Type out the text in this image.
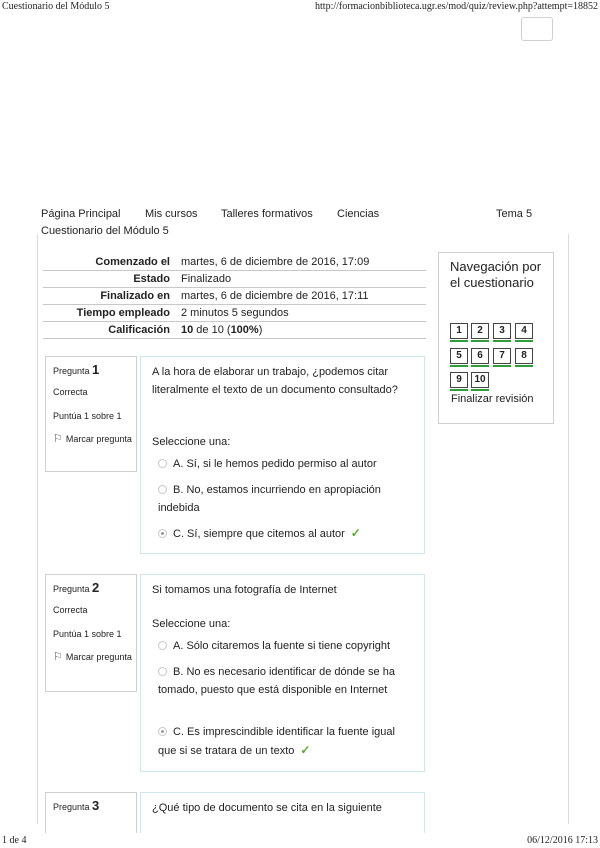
Cuestionario del Módulo 5	http://formacionbiblioteca.ugr.es/mod/quiz/review.php?attempt=18852
Página Principal Mis cursos Talleres formativos Ciencias	Tema 5
Cuestionario del Módulo 5
Comenzado el martes, 6 de diciembre de 2016, 17:09
Estado Finalizado
Finalizado en martes, 6 de diciembre de 2016, 17:11
Tiempo empleado 2 minutos 5 segundos
Calificación 10 de 10 (100%)
Navegación por el cuestionario
1	2	3	4
5	6	7	8
9	10
Finalizar revisión
Pregunta 1
Correcta
Puntúa 1 sobre 1
⚐ Marcar pregunta
A la hora de elaborar un trabajo, ¿podemos citar literalmente el texto de un documento consultado?
Seleccione una:
A. Sí, si le hemos pedido permiso al autor
B. No, estamos incurriendo en apropiación indebida
C. Sí, siempre que citemos al autor ✓
Pregunta 2
Correcta
Puntúa 1 sobre 1
⚐ Marcar pregunta
Si tomamos una fotografía de Internet
Seleccione una:
A. Sólo citaremos la fuente si tiene copyright
B. No es necesario identificar de dónde se ha tomado, puesto que está disponible en Internet
C. Es imprescindible identificar la fuente igual que si se tratara de un texto ✓
Pregunta 3	¿Qué tipo de documento se cita en la siguiente
1 de 4	06/12/2016 17:13
